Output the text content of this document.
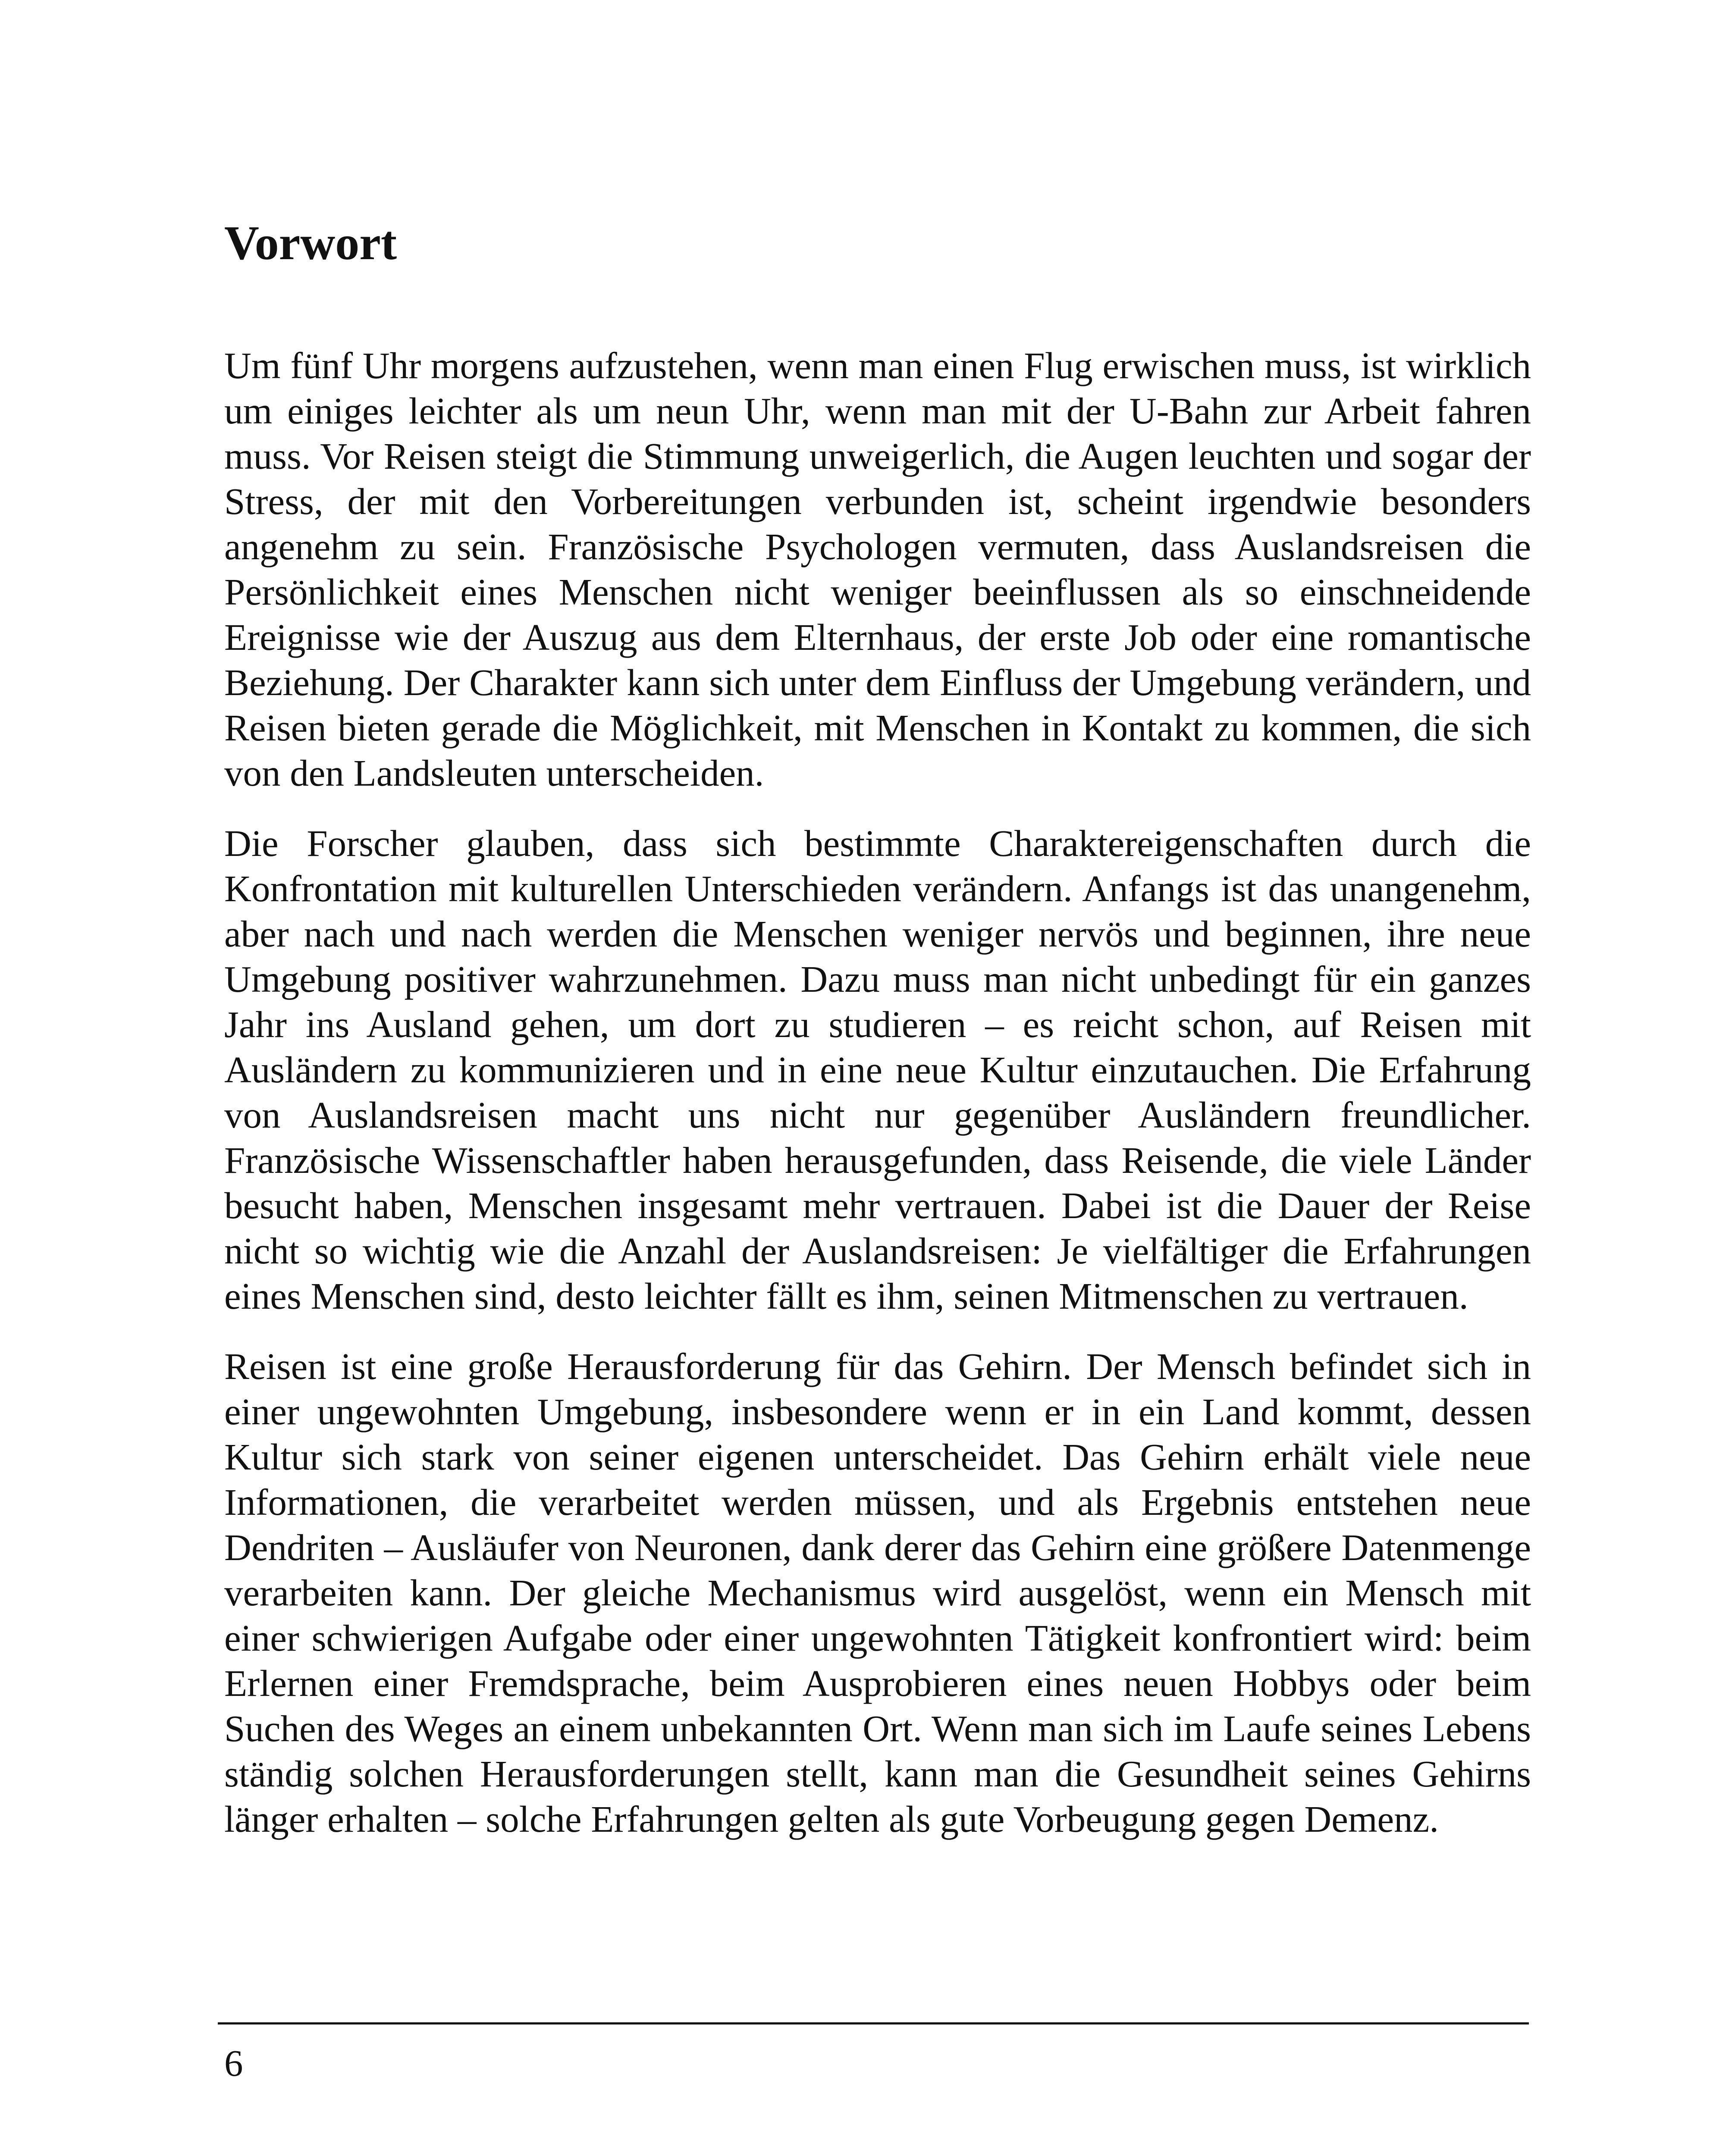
Vorwort

Um fünf Uhr morgens aufzustehen, wenn man einen Flug erwischen muss, ist wirklich um einiges leichter als um neun Uhr, wenn man mit der U-Bahn zur Arbeit fahren muss. Vor Reisen steigt die Stimmung unweigerlich, die Augen leuchten und sogar der Stress, der mit den Vorbereitungen verbunden ist, scheint irgendwie besonders angenehm zu sein. Französische Psychologen vermuten, dass Auslandsreisen die Persönlichkeit eines Menschen nicht weniger beeinflussen als so einschneidende Ereignisse wie der Auszug aus dem Elternhaus, der erste Job oder eine romantische Beziehung. Der Charakter kann sich unter dem Einfluss der Umgebung verändern, und Reisen bieten gerade die Möglichkeit, mit Menschen in Kontakt zu kommen, die sich von den Landsleuten unterscheiden.

Die Forscher glauben, dass sich bestimmte Charaktereigenschaften durch die Konfrontation mit kulturellen Unterschieden verändern. Anfangs ist das unangenehm, aber nach und nach werden die Menschen weniger nervös und beginnen, ihre neue Umgebung positiver wahrzunehmen. Dazu muss man nicht unbedingt für ein ganzes Jahr ins Ausland gehen, um dort zu studieren – es reicht schon, auf Reisen mit Ausländern zu kommunizieren und in eine neue Kultur einzutauchen. Die Erfahrung von Auslandsreisen macht uns nicht nur gegenüber Ausländern freundlicher. Französische Wissenschaftler haben herausgefunden, dass Reisende, die viele Länder besucht haben, Menschen insgesamt mehr vertrauen. Dabei ist die Dauer der Reise nicht so wichtig wie die Anzahl der Auslandsreisen: Je vielfältiger die Erfahrungen eines Menschen sind, desto leichter fällt es ihm, seinen Mitmenschen zu vertrauen.

Reisen ist eine große Herausforderung für das Gehirn. Der Mensch befindet sich in einer ungewohnten Umgebung, insbesondere wenn er in ein Land kommt, dessen Kultur sich stark von seiner eigenen unterscheidet. Das Gehirn erhält viele neue Informationen, die verarbeitet werden müssen, und als Ergebnis entstehen neue Dendriten – Ausläufer von Neuronen, dank derer das Gehirn eine größere Datenmenge verarbeiten kann. Der gleiche Mechanismus wird ausgelöst, wenn ein Mensch mit einer schwierigen Aufgabe oder einer ungewohnten Tätigkeit konfrontiert wird: beim Erlernen einer Fremdsprache, beim Ausprobieren eines neuen Hobbys oder beim Suchen des Weges an einem unbekannten Ort. Wenn man sich im Laufe seines Lebens ständig solchen Herausforderungen stellt, kann man die Gesundheit seines Gehirns länger erhalten – solche Erfahrungen gelten als gute Vorbeugung gegen Demenz.

6
